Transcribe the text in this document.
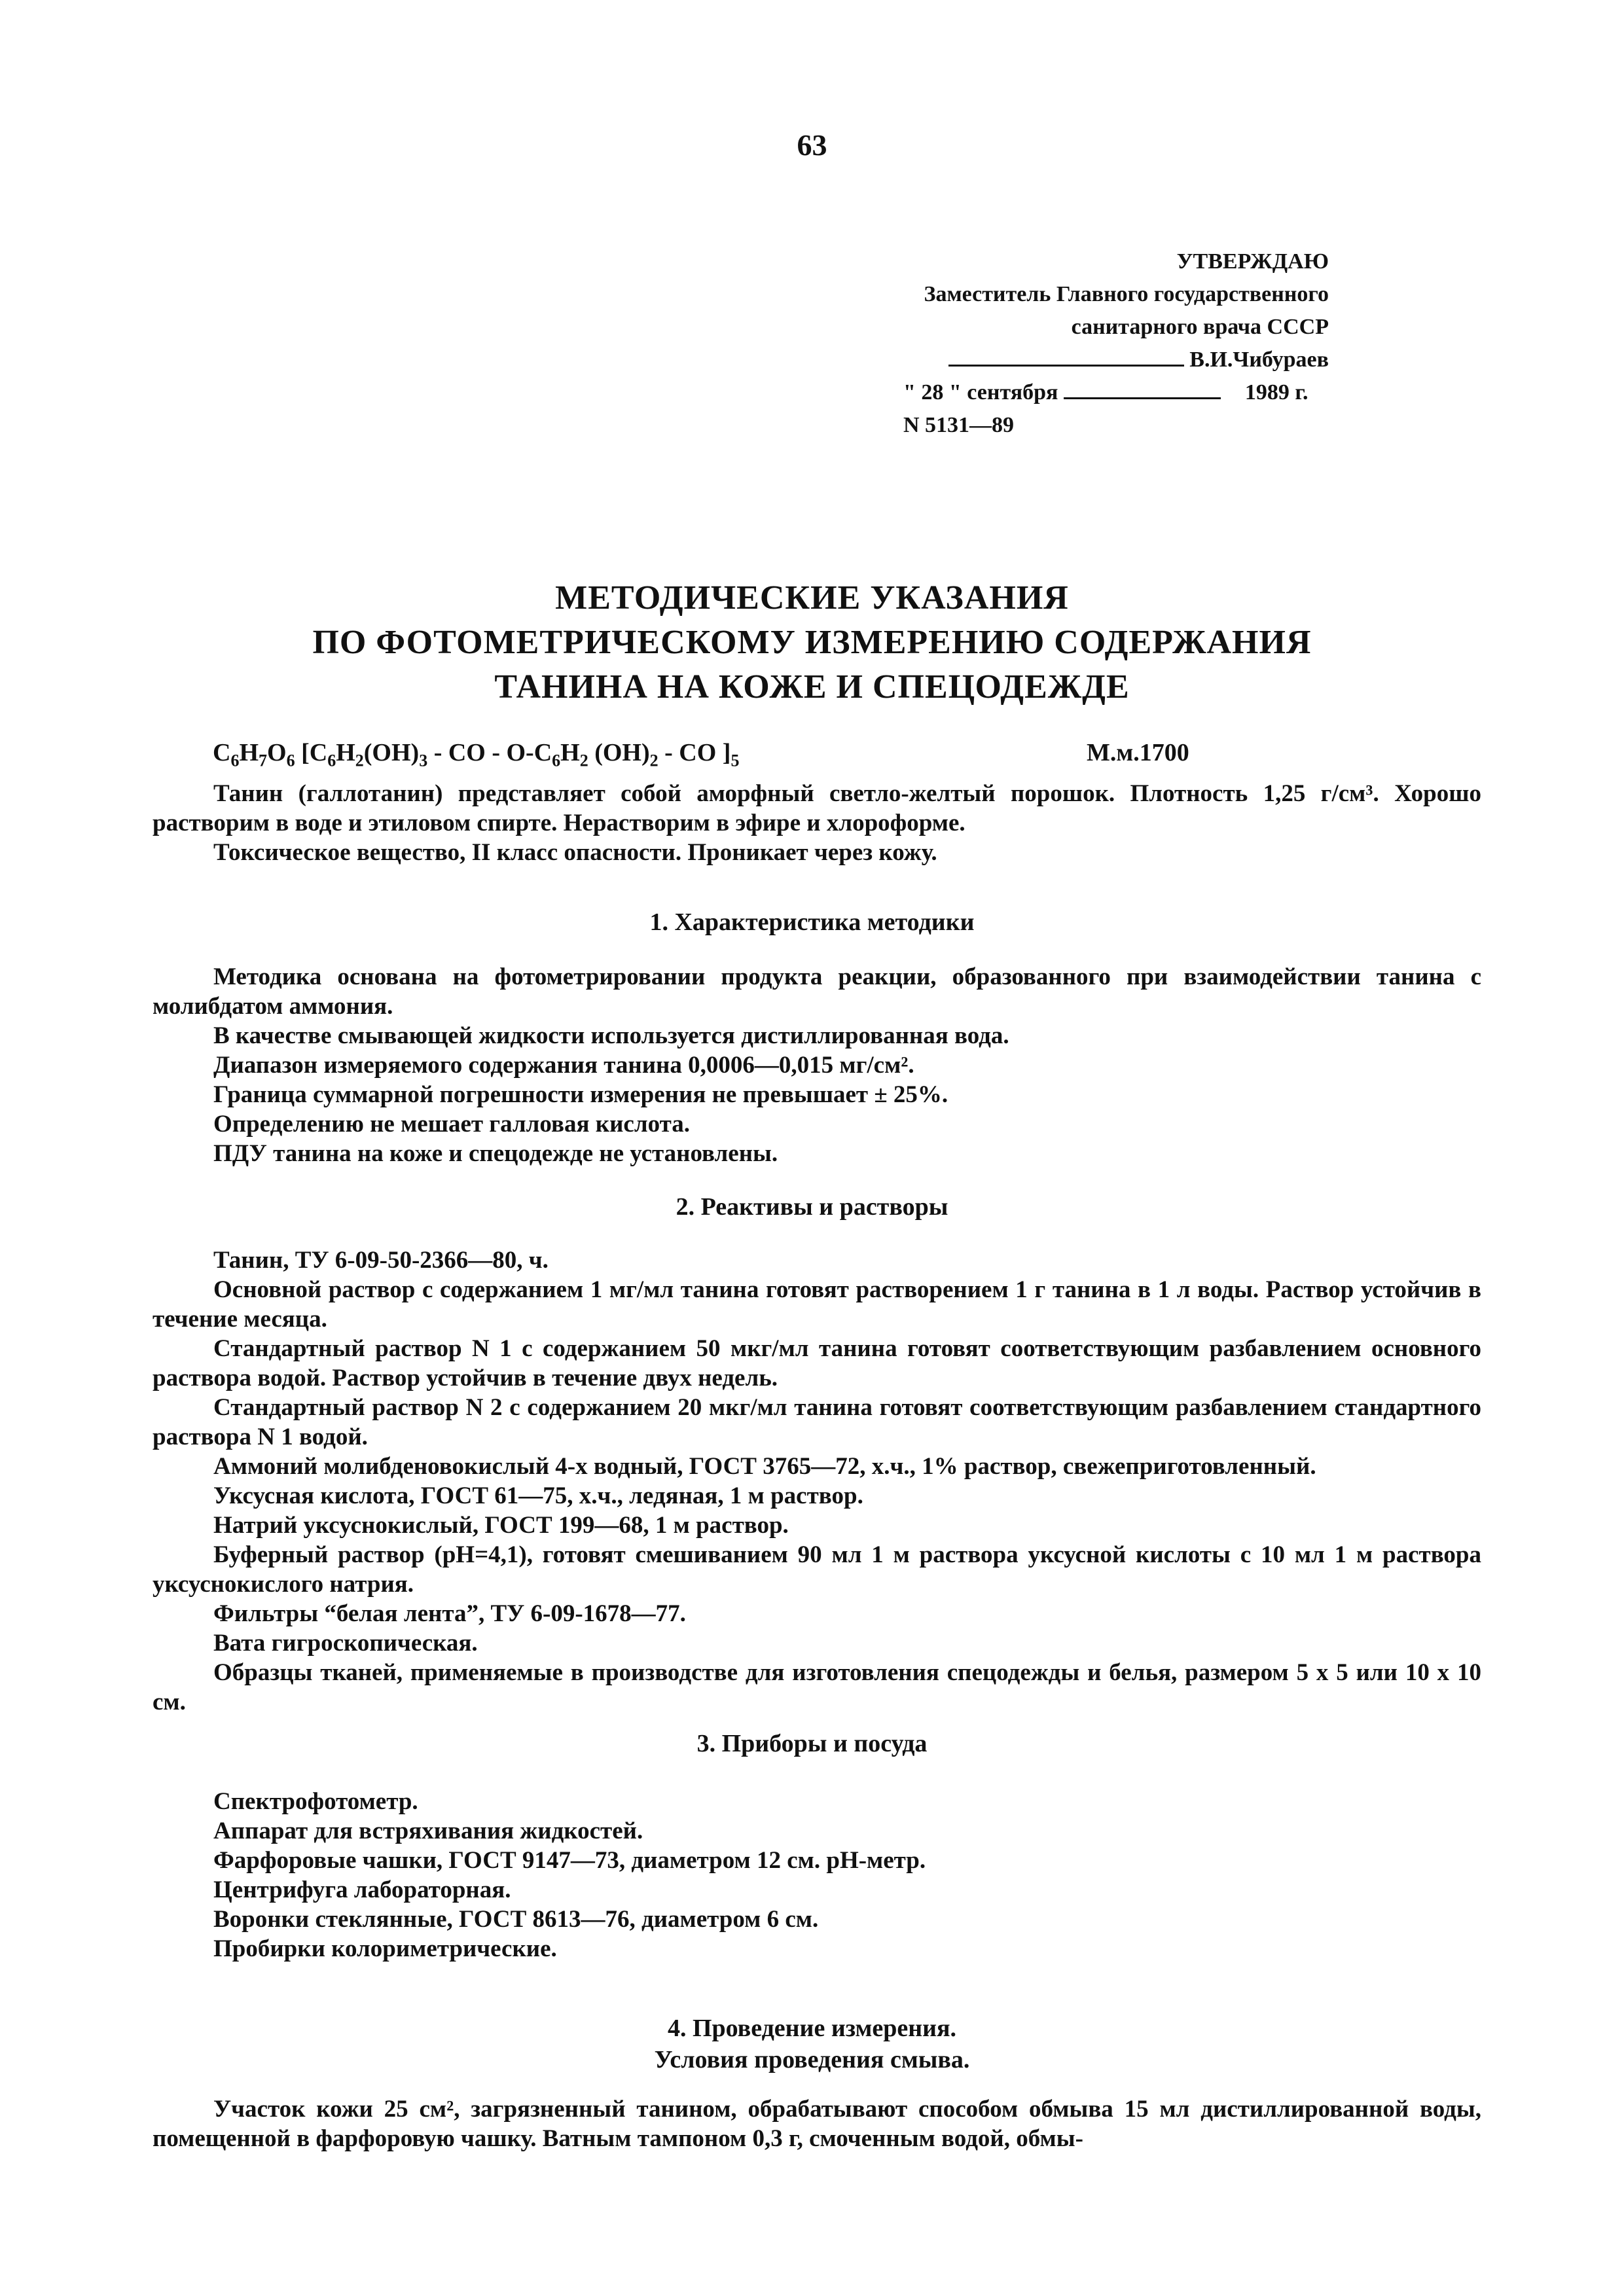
63
УТВЕРЖДАЮ
Заместитель Главного государственного
санитарного врача СССР
В.И.Чибураев
" 28 " сентября	1989 г.
N 5131—89
МЕТОДИЧЕСКИЕ УКАЗАНИЯ
ПО ФОТОМЕТРИЧЕСКОМУ ИЗМЕРЕНИЮ СОДЕРЖАНИЯ
ТАНИНА НА КОЖЕ И СПЕЦОДЕЖДЕ
$C_6H_7O_6$ [$C_6H_2(OH)_3$ - CO - $O-C_6H_2$ $(OH)_2$ - CO ]$_5$	М.м.1700

Танин (галлотанин) представляет собой аморфный светло-желтый порошок. Плотность 1,25 г/см³. Хорошо растворим в воде и этиловом спирте. Нерастворим в эфире и хлороформе.

Токсическое вещество, II класс опасности. Проникает через кожу.

1. Характеристика методики

Методика основана на фотометрировании продукта реакции, образованного при взаимодействии танина с молибдатом аммония.

В качестве смывающей жидкости используется дистиллированная вода.

Диапазон измеряемого содержания танина 0,0006—0,015 мг/см².

Граница суммарной погрешности измерения не превышает ± 25%.

Определению не мешает галловая кислота.

ПДУ танина на коже и спецодежде не установлены.

2. Реактивы и растворы

Танин, ТУ 6-09-50-2366—80, ч.

Основной раствор с содержанием 1 мг/мл танина готовят растворением 1 г танина в 1 л воды. Раствор устойчив в течение месяца.

Стандартный раствор N 1 с содержанием 50 мкг/мл танина готовят соответствующим разбавлением основного раствора водой. Раствор устойчив в течение двух недель.

Стандартный раствор N 2 с содержанием 20 мкг/мл танина готовят соответствующим разбавлением стандартного раствора N 1 водой.

Аммоний молибденовокислый 4-х водный, ГОСТ 3765—72, х.ч., 1% раствор, свежеприготовленный.

Уксусная кислота, ГОСТ 61—75, х.ч., ледяная, 1 м раствор.

Натрий уксуснокислый, ГОСТ 199—68, 1 м раствор.

Буферный раствор (pH=4,1), готовят смешиванием 90 мл 1 м раствора уксусной кислоты с 10 мл 1 м раствора уксуснокислого натрия.

Фильтры “белая лента”, ТУ 6-09-1678—77.

Вата гигроскопическая.

Образцы тканей, применяемые в производстве для изготовления спецодежды и белья, размером 5 х 5 или 10 х 10 см.

3. Приборы и посуда

Спектрофотометр.

Аппарат для встряхивания жидкостей.

Фарфоровые чашки, ГОСТ 9147—73, диаметром 12 см. pH-метр.

Центрифуга лабораторная.

Воронки стеклянные, ГОСТ 8613—76, диаметром 6 см.

Пробирки колориметрические.

4. Проведение измерения.
Условия проведения смыва.

Участок кожи 25 см², загрязненный танином, обрабатывают способом обмыва 15 мл дистиллированной воды, помещенной в фарфоровую чашку. Ватным тампоном 0,3 г, смоченным водой, обмы-
